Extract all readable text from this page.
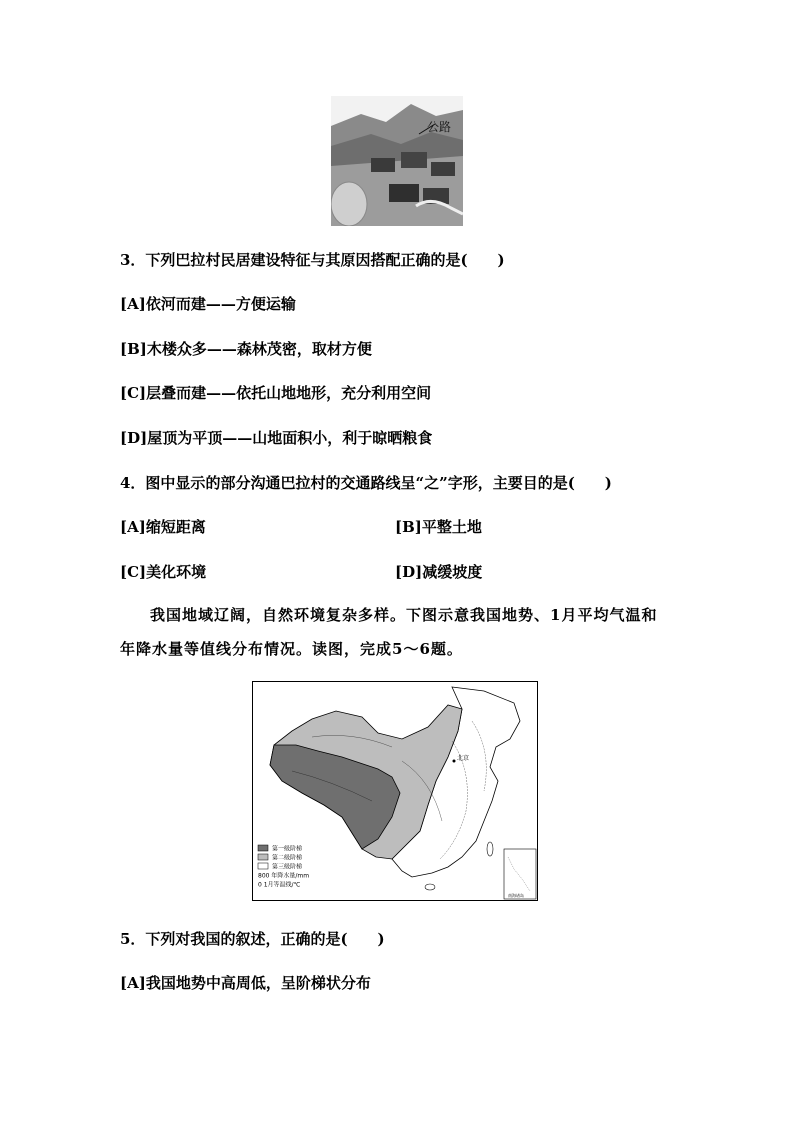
公路
3．下列巴拉村民居建设特征与其原因搭配正确的是(　　)
[A]依河而建——方便运输
[B]木楼众多——森林茂密，取材方便
[C]层叠而建——依托山地地形，充分利用空间
[D]屋顶为平顶——山地面积小，利于晾晒粮食
4．图中显示的部分沟通巴拉村的交通路线呈“之”字形，主要目的是(　　)
[A]缩短距离	[B]平整土地
[C]美化环境	[D]减缓坡度
我国地域辽阔，自然环境复杂多样。下图示意我国地势、1月平均气温和
年降水量等值线分布情况。读图，完成5～6题。
第一级阶梯
第二级阶梯
第三级阶梯
800 年降水量/mm
0 1月等温线/℃
北京
南海诸岛
5．下列对我国的叙述，正确的是(　　)
[A]我国地势中高周低，呈阶梯状分布
